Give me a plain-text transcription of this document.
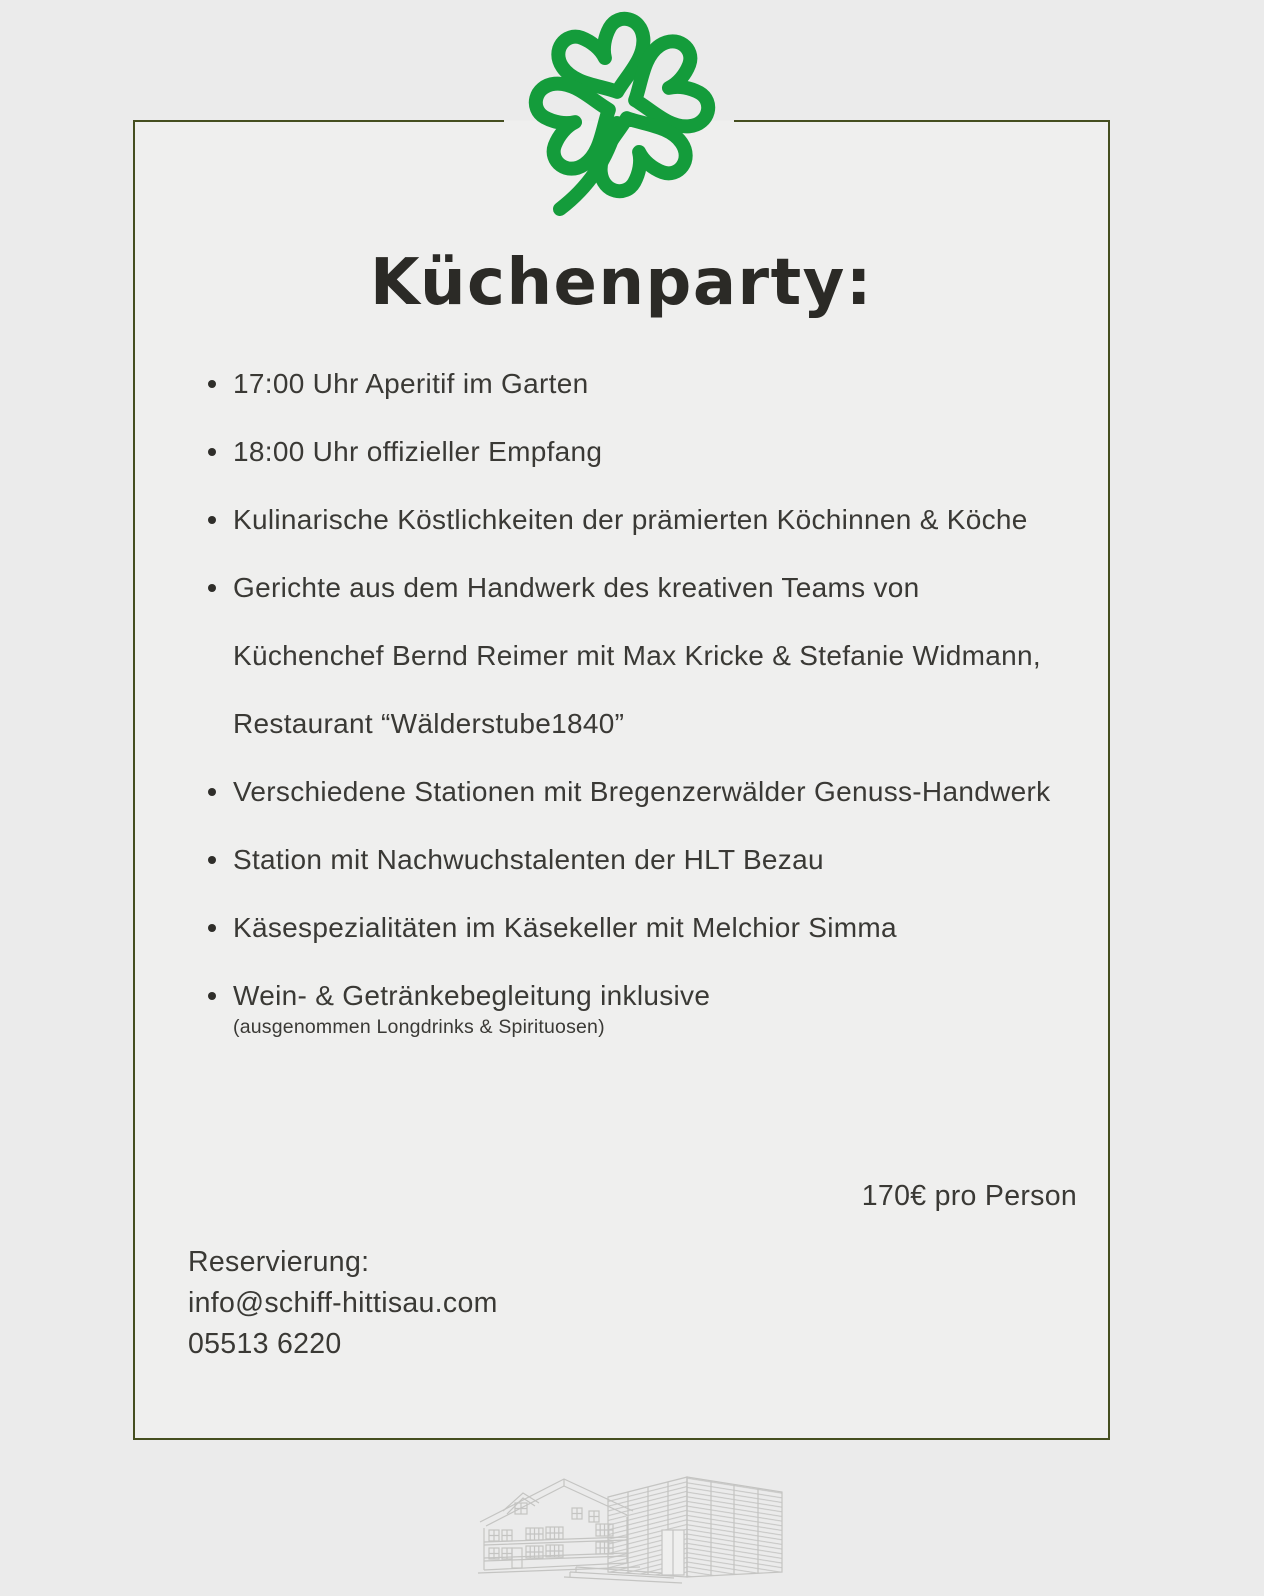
Küchenparty:
17:00 Uhr Aperitif im Garten
18:00 Uhr offizieller Empfang
Kulinarische Köstlichkeiten der prämierten Köchinnen & Köche
Gerichte aus dem Handwerk des kreativen Teams von Küchenchef Bernd Reimer mit Max Kricke & Stefanie Widmann, Restaurant “Wälderstube1840”
Verschiedene Stationen mit Bregenzerwälder Genuss-Handwerk
Station mit Nachwuchstalenten der HLT Bezau
Käsespezialitäten im Käsekeller mit Melchior Simma
Wein- & Getränkebegleitung inklusive
(ausgenommen Longdrinks & Spirituosen)

170€ pro Person

Reservierung:
info@schiff-hittisau.com
05513 6220
